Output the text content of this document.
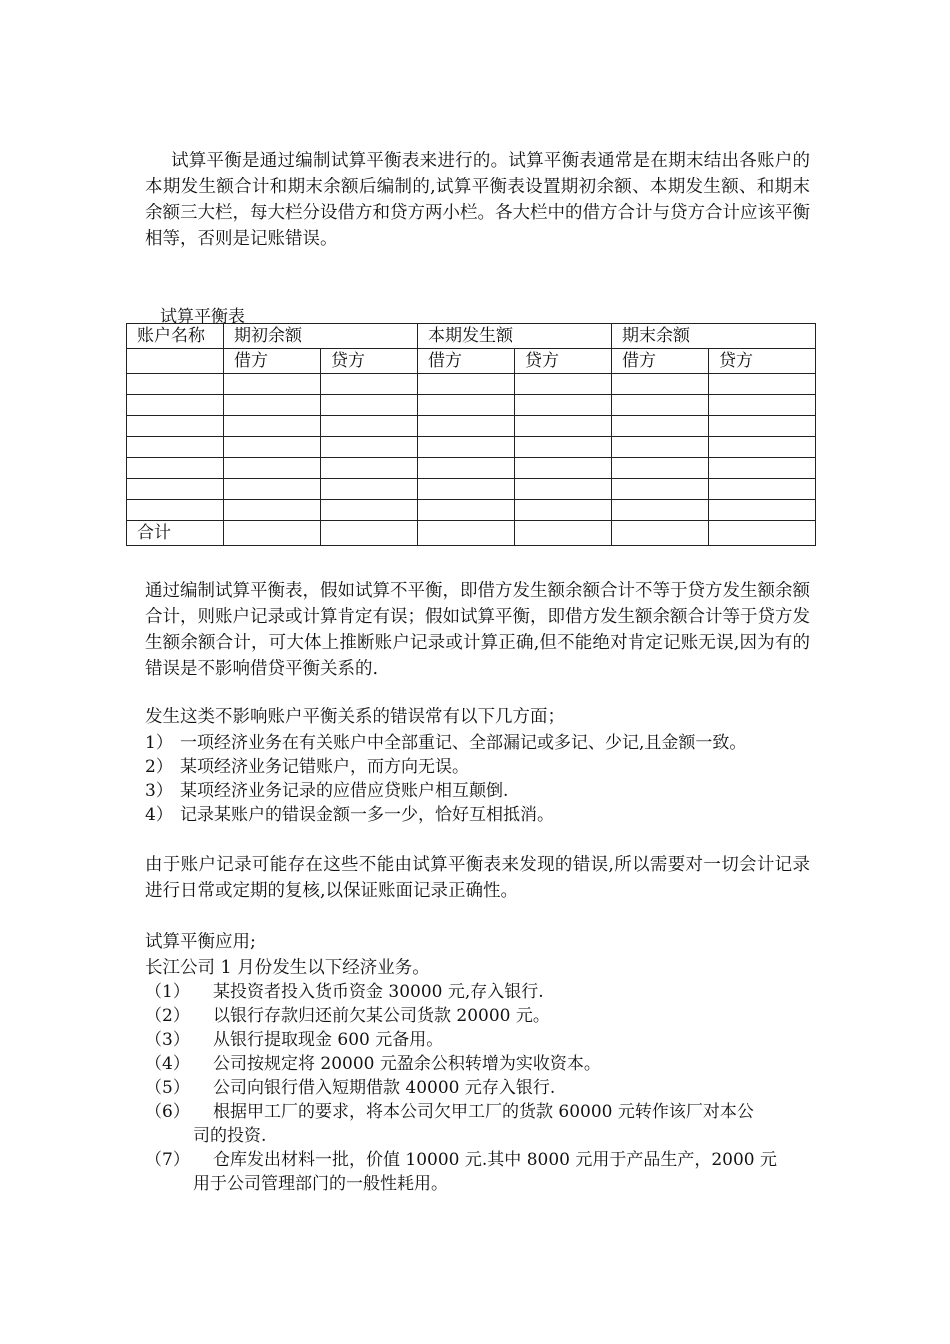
试算平衡是通过编制试算平衡表来进行的。试算平衡表通常是在期末结出各账户的本期发生额合计和期末余额后编制的,试算平衡表设置期初余额、本期发生额、和期末余额三大栏，每大栏分设借方和贷方两小栏。各大栏中的借方合计与贷方合计应该平衡相等，否则是记账错误。

试算平衡表
账户名称	期初余额		本期发生额		期末余额	
	借方	贷方	借方	贷方	借方	贷方

合计						

通过编制试算平衡表，假如试算不平衡，即借方发生额余额合计不等于贷方发生额余额合计，则账户记录或计算肯定有误；假如试算平衡，即借方发生额余额合计等于贷方发生额余额合计，可大体上推断账户记录或计算正确,但不能绝对肯定记账无误,因为有的错误是不影响借贷平衡关系的.

发生这类不影响账户平衡关系的错误常有以下几方面；

1） 一项经济业务在有关账户中全部重记、全部漏记或多记、少记,且金额一致。
2） 某项经济业务记错账户，而方向无误。
3） 某项经济业务记录的应借应贷账户相互颠倒.
4） 记录某账户的错误金额一多一少，恰好互相抵消。

由于账户记录可能存在这些不能由试算平衡表来发现的错误,所以需要对一切会计记录进行日常或定期的复核,以保证账面记录正确性。

试算平衡应用;

长江公司 1 月份发生以下经济业务。

（1）	某投资者投入货币资金 30000 元,存入银行.
（2）	以银行存款归还前欠某公司货款 20000 元。
（3）	从银行提取现金 600 元备用。
（4）	公司按规定将 20000 元盈余公积转增为实收资本。
（5）	公司向银行借入短期借款 40000 元存入银行.
（6）	根据甲工厂的要求，将本公司欠甲工厂的货款 60000 元转作该厂对本公
司的投资.
（7）	仓库发出材料一批，价值 10000 元.其中 8000 元用于产品生产，2000 元
用于公司管理部门的一般性耗用。
